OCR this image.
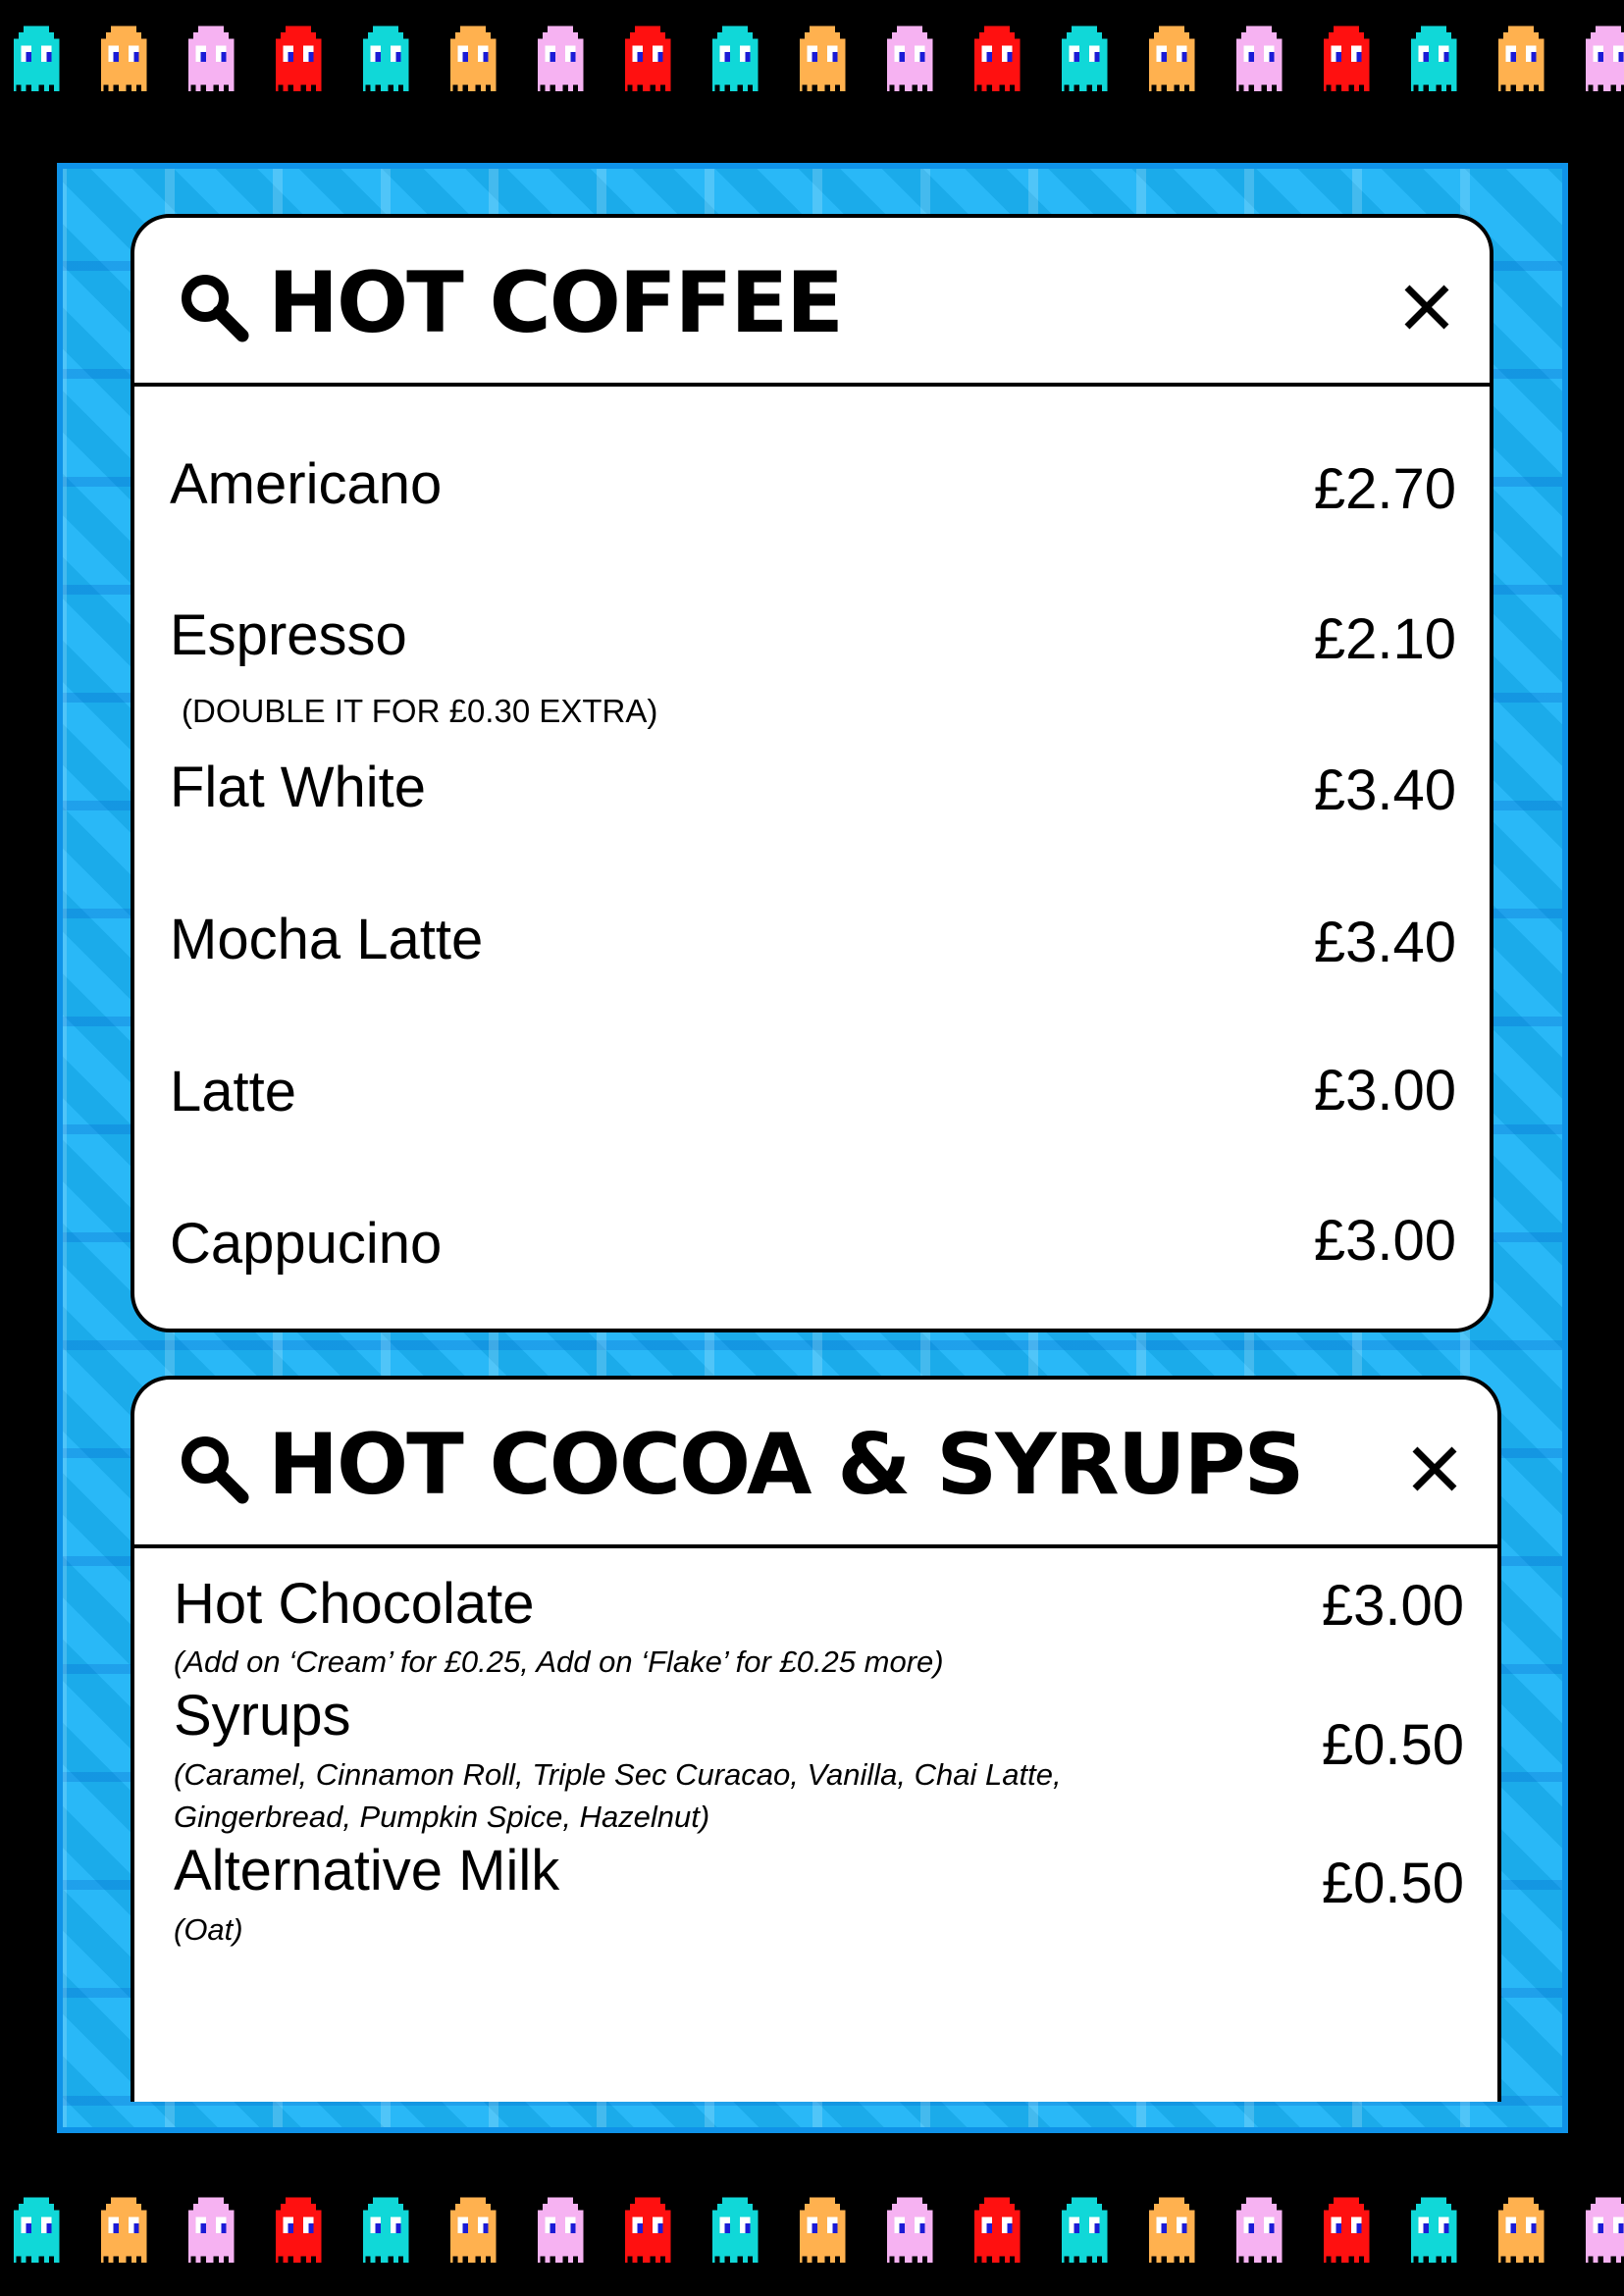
HOT COFFEE
Americano	£2.70
Espresso	£2.10
(DOUBLE IT FOR £0.30 EXTRA)
Flat White	£3.40
Mocha Latte	£3.40
Latte	£3.00
Cappucino	£3.00
HOT COCOA & SYRUPS
Hot Chocolate	£3.00
(Add on ‘Cream’ for £0.25, Add on ‘Flake’ for £0.25 more)
Syrups	£0.50
(Caramel, Cinnamon Roll, Triple Sec Curacao, Vanilla, Chai Latte,
Gingerbread, Pumpkin Spice, Hazelnut)
Alternative Milk	£0.50
(Oat)
